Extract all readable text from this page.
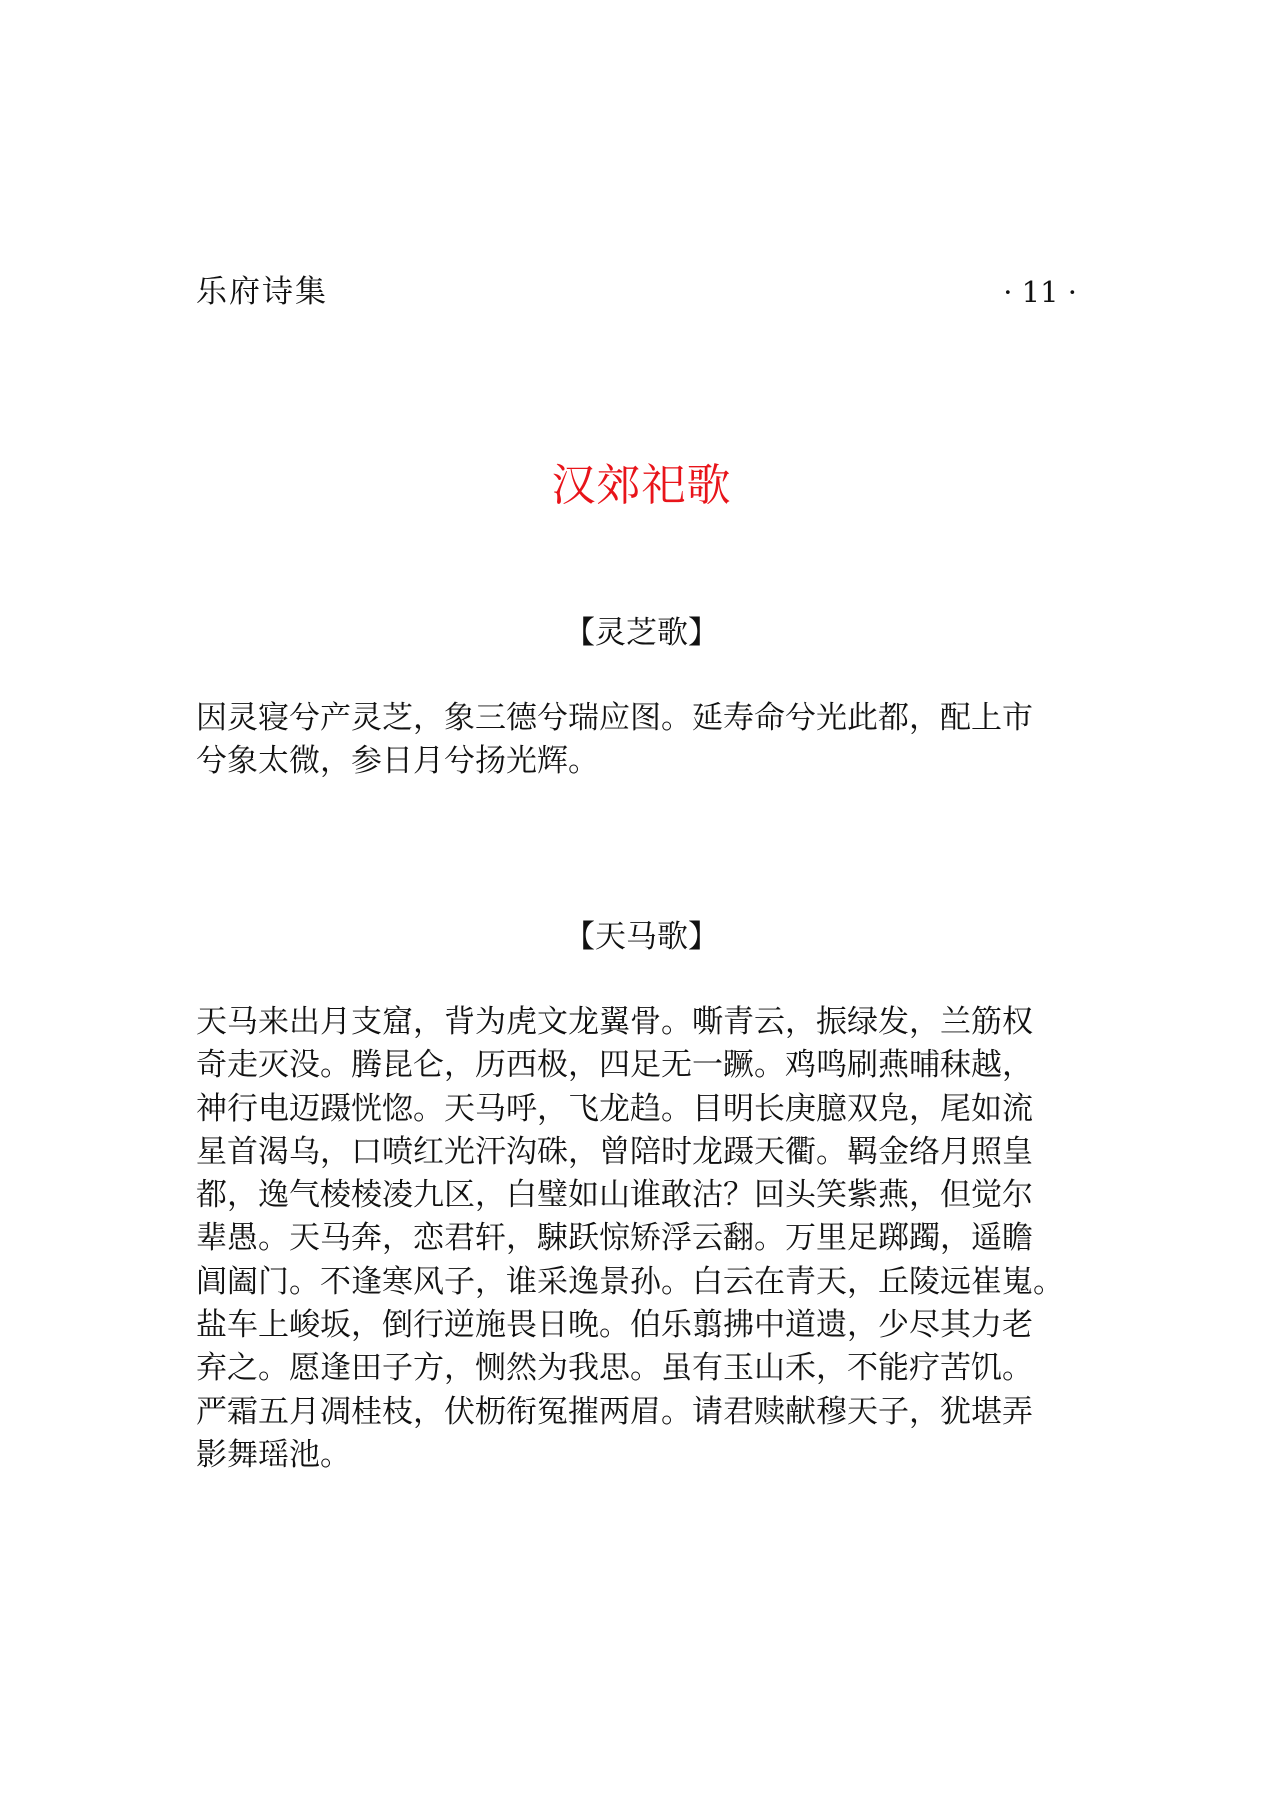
乐府诗集	· 11 ·
汉郊祀歌
【灵芝歌】
因灵寝兮产灵芝，象三德兮瑞应图。延寿命兮光此都，配上市
兮象太微，参日月兮扬光辉。
【天马歌】
天马来出月支窟，背为虎文龙翼骨。嘶青云，振绿发，兰筋权
奇走灭没。腾昆仑，历西极，四足无一蹶。鸡鸣刷燕晡秣越，
神行电迈蹑恍惚。天马呼，飞龙趋。目明长庚臆双凫，尾如流
星首渴乌，口喷红光汗沟硃，曾陪时龙蹑天衢。羁金络月照皇
都，逸气棱棱凌九区，白璧如山谁敢沽？回头笑紫燕，但觉尔
辈愚。天马奔，恋君轩，駷跃惊矫浮云翻。万里足踯躅，遥瞻
阊阖门。不逢寒风子，谁采逸景孙。白云在青天，丘陵远崔嵬。
盐车上峻坂，倒行逆施畏日晚。伯乐翦拂中道遗，少尽其力老
弃之。愿逢田子方，恻然为我思。虽有玉山禾，不能疗苦饥。
严霜五月凋桂枝，伏枥衔冤摧两眉。请君赎献穆天子，犹堪弄
影舞瑶池。
